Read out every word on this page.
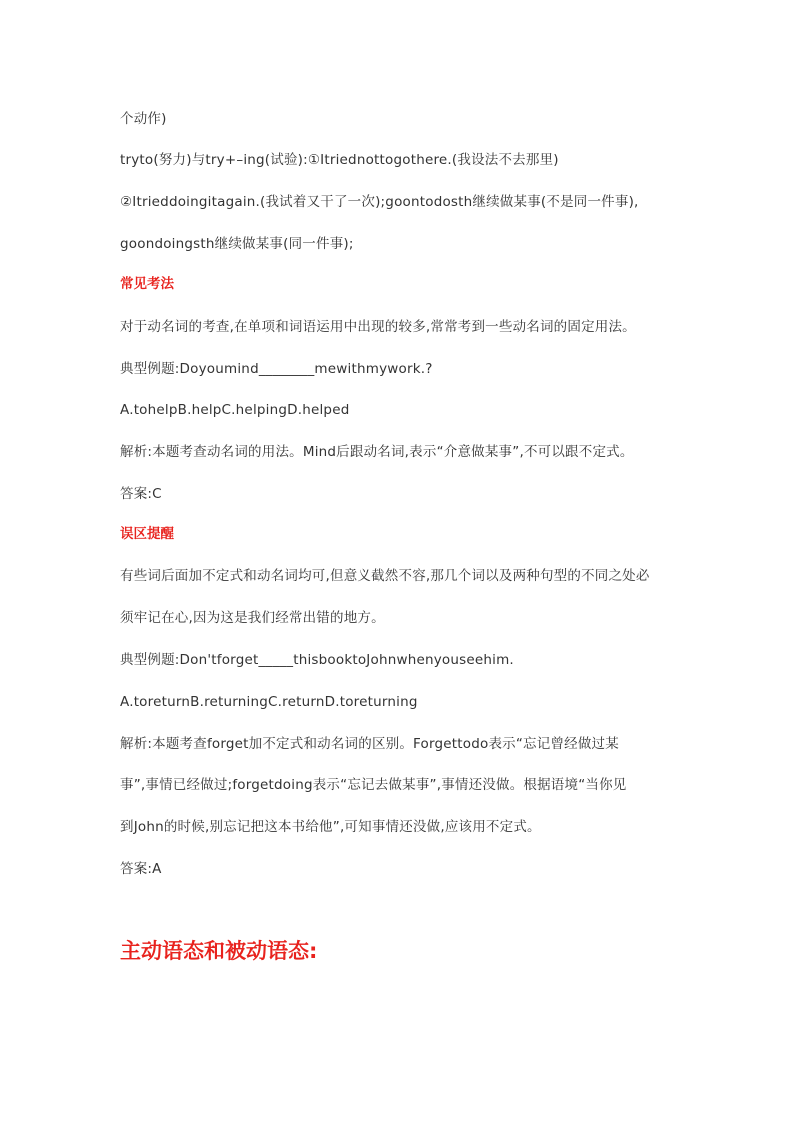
个动作)
tryto(努力)与try+–ing(试验):①Itriednottogothere.(我设法不去那里)
②Itrieddoingitagain.(我试着又干了一次);goontodosth继续做某事(不是同一件事),
goondoingsth继续做某事(同一件事);
常见考法
对于动名词的考查,在单项和词语运用中出现的较多,常常考到一些动名词的固定用法。
典型例题:Doyoumind________mewithmywork.?
A.tohelpB.helpC.helpingD.helped
解析:本题考查动名词的用法。Mind后跟动名词,表示“介意做某事”,不可以跟不定式。
答案:C
误区提醒
有些词后面加不定式和动名词均可,但意义截然不容,那几个词以及两种句型的不同之处必
须牢记在心,因为这是我们经常出错的地方。
典型例题:Don'tforget_____thisbooktoJohnwhenyouseehim.
A.toreturnB.returningC.returnD.toreturning
解析:本题考查forget加不定式和动名词的区别。Forgettodo表示“忘记曾经做过某
事”,事情已经做过;forgetdoing表示“忘记去做某事”,事情还没做。根据语境“当你见
到John的时候,别忘记把这本书给他”,可知事情还没做,应该用不定式。
答案:A
主动语态和被动语态:
